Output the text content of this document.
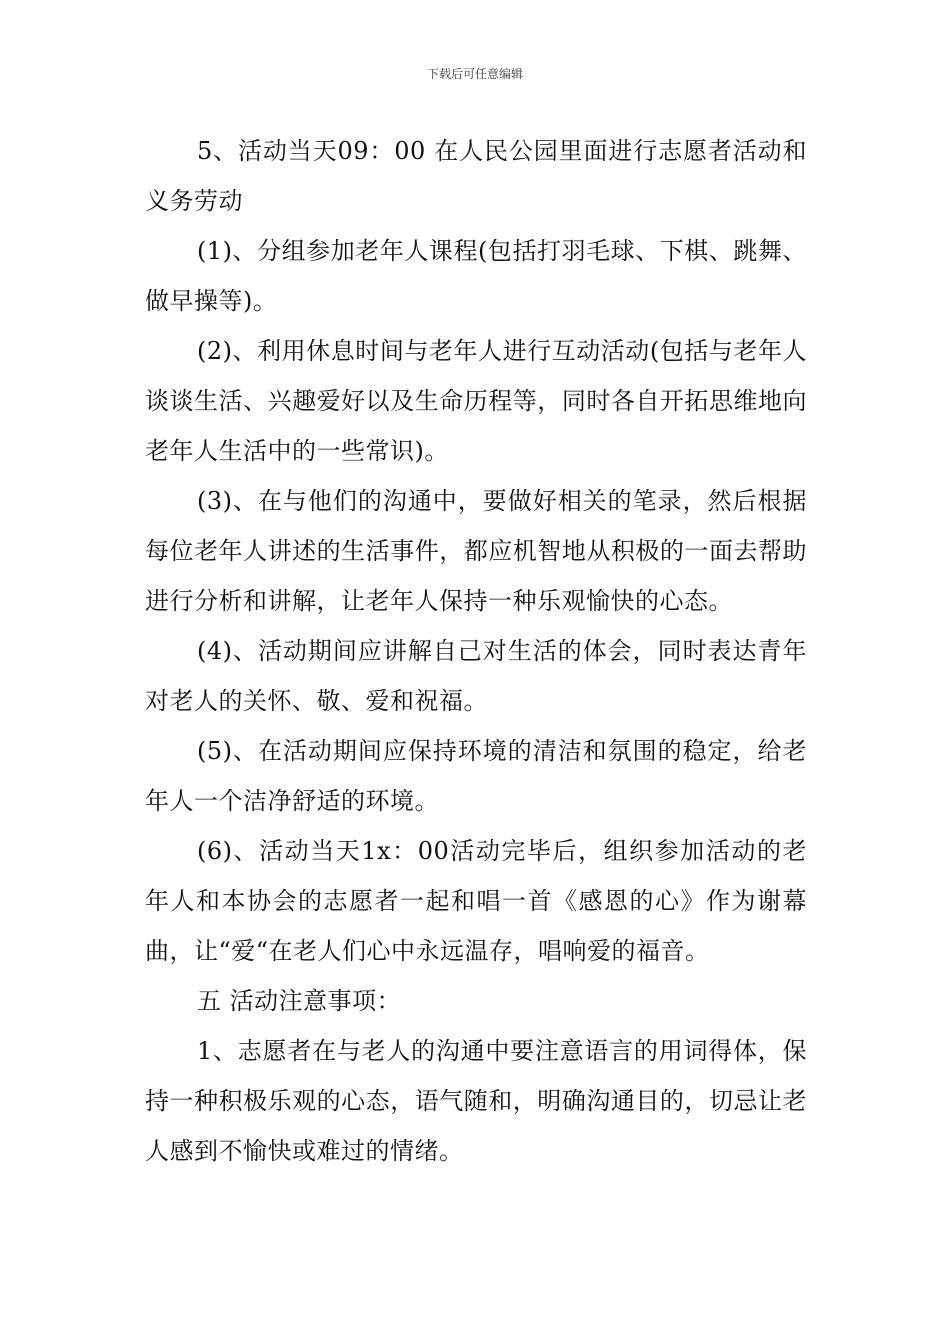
下载后可任意编辑

5、活动当天09：00 在人民公园里面进行志愿者活动和义务劳动

(1)、分组参加老年人课程(包括打羽毛球、下棋、跳舞、做早操等)。

(2)、利用休息时间与老年人进行互动活动(包括与老年人谈谈生活、兴趣爱好以及生命历程等，同时各自开拓思维地向老年人生活中的一些常识)。

(3)、在与他们的沟通中，要做好相关的笔录，然后根据每位老年人讲述的生活事件，都应机智地从积极的一面去帮助进行分析和讲解，让老年人保持一种乐观愉快的心态。

(4)、活动期间应讲解自己对生活的体会，同时表达青年对老人的关怀、敬、爱和祝福。

(5)、在活动期间应保持环境的清洁和氛围的稳定，给老年人一个洁净舒适的环境。

(6)、活动当天1x：00活动完毕后，组织参加活动的老年人和本协会的志愿者一起和唱一首《感恩的心》作为谢幕曲，让“爱“在老人们心中永远温存，唱响爱的福音。

五 活动注意事项：

1、志愿者在与老人的沟通中要注意语言的用词得体，保持一种积极乐观的心态，语气随和，明确沟通目的，切忌让老人感到不愉快或难过的情绪。
